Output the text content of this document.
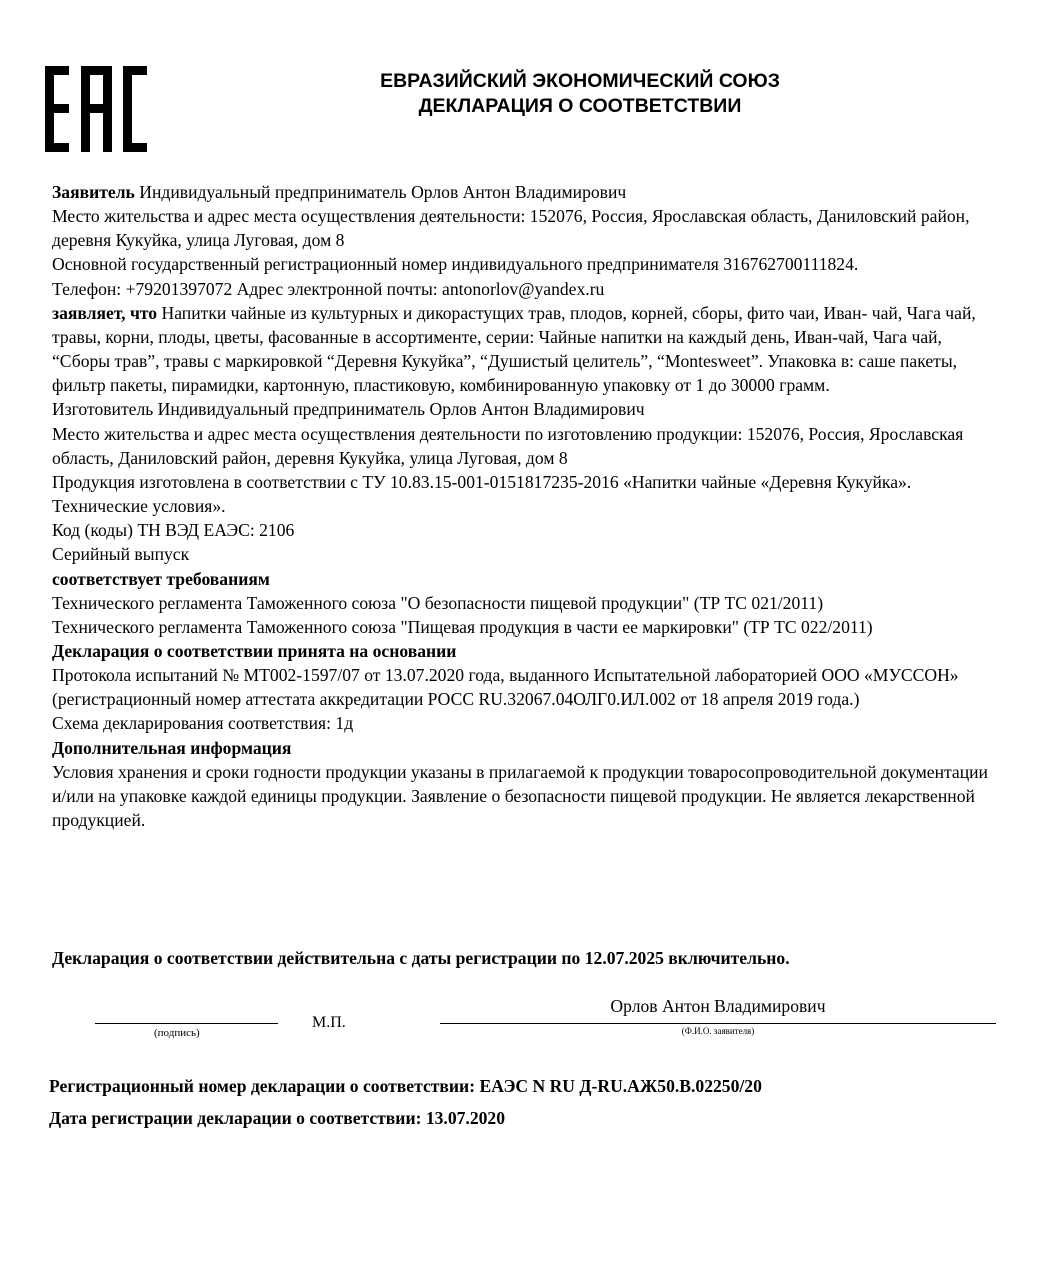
ЕВРАЗИЙСКИЙ ЭКОНОМИЧЕСКИЙ СОЮЗ
ДЕКЛАРАЦИЯ О СООТВЕТСТВИИ

Заявитель Индивидуальный предприниматель Орлов Антон Владимирович

Место жительства и адрес места осуществления деятельности: 152076, Россия, Ярославская область, Даниловский район, деревня Кукуйка, улица Луговая, дом 8

Основной государственный регистрационный номер индивидуального предпринимателя 316762700111824.

Телефон: +79201397072 Адрес электронной почты: antonorlov@yandex.ru

заявляет, что Напитки чайные из культурных и дикорастущих трав, плодов, корней, сборы, фито чаи, Иван- чай, Чага чай, травы, корни, плоды, цветы, фасованные в ассортименте, серии: Чайные напитки на каждый день, Иван-чай, Чага чай, “Сборы трав”, травы с маркировкой “Деревня Кукуйка”, “Душистый целитель”, “Montesweet”. Упаковка в: саше пакеты, фильтр пакеты, пирамидки, картонную, пластиковую, комбинированную упаковку от 1 до 30000 грамм.

Изготовитель Индивидуальный предприниматель Орлов Антон Владимирович

Место жительства и адрес места осуществления деятельности по изготовлению продукции: 152076, Россия, Ярославская область, Даниловский район, деревня Кукуйка, улица Луговая, дом 8

Продукция изготовлена в соответствии с ТУ 10.83.15-001-0151817235-2016 «Напитки чайные «Деревня Кукуйка». Технические условия».

Код (коды) ТН ВЭД ЕАЭС: 2106

Серийный выпуск

соответствует требованиям

Технического регламента Таможенного союза "О безопасности пищевой продукции" (ТР ТС 021/2011)

Технического регламента Таможенного союза "Пищевая продукция в части ее маркировки" (ТР ТС 022/2011)

Декларация о соответствии принята на основании

Протокола испытаний № МТ002-1597/07 от 13.07.2020 года, выданного Испытательной лабораторией ООО «МУССОН» (регистрационный номер аттестата аккредитации РОСС RU.32067.04ОЛГ0.ИЛ.002 от 18 апреля 2019 года.)

Схема декларирования соответствия: 1д

Дополнительная информация

Условия хранения и сроки годности продукции указаны в прилагаемой к продукции товаросопроводительной документации и/или на упаковке каждой единицы продукции. Заявление о безопасности пищевой продукции. Не является лекарственной продукцией.

Декларация о соответствии действительна с даты регистрации по 12.07.2025 включительно.
(подпись)
М.П.
Орлов Антон Владимирович
(Ф.И.О. заявителя)
Регистрационный номер декларации о соответствии: ЕАЭС N RU Д-RU.АЖ50.В.02250/20
Дата регистрации декларации о соответствии: 13.07.2020
